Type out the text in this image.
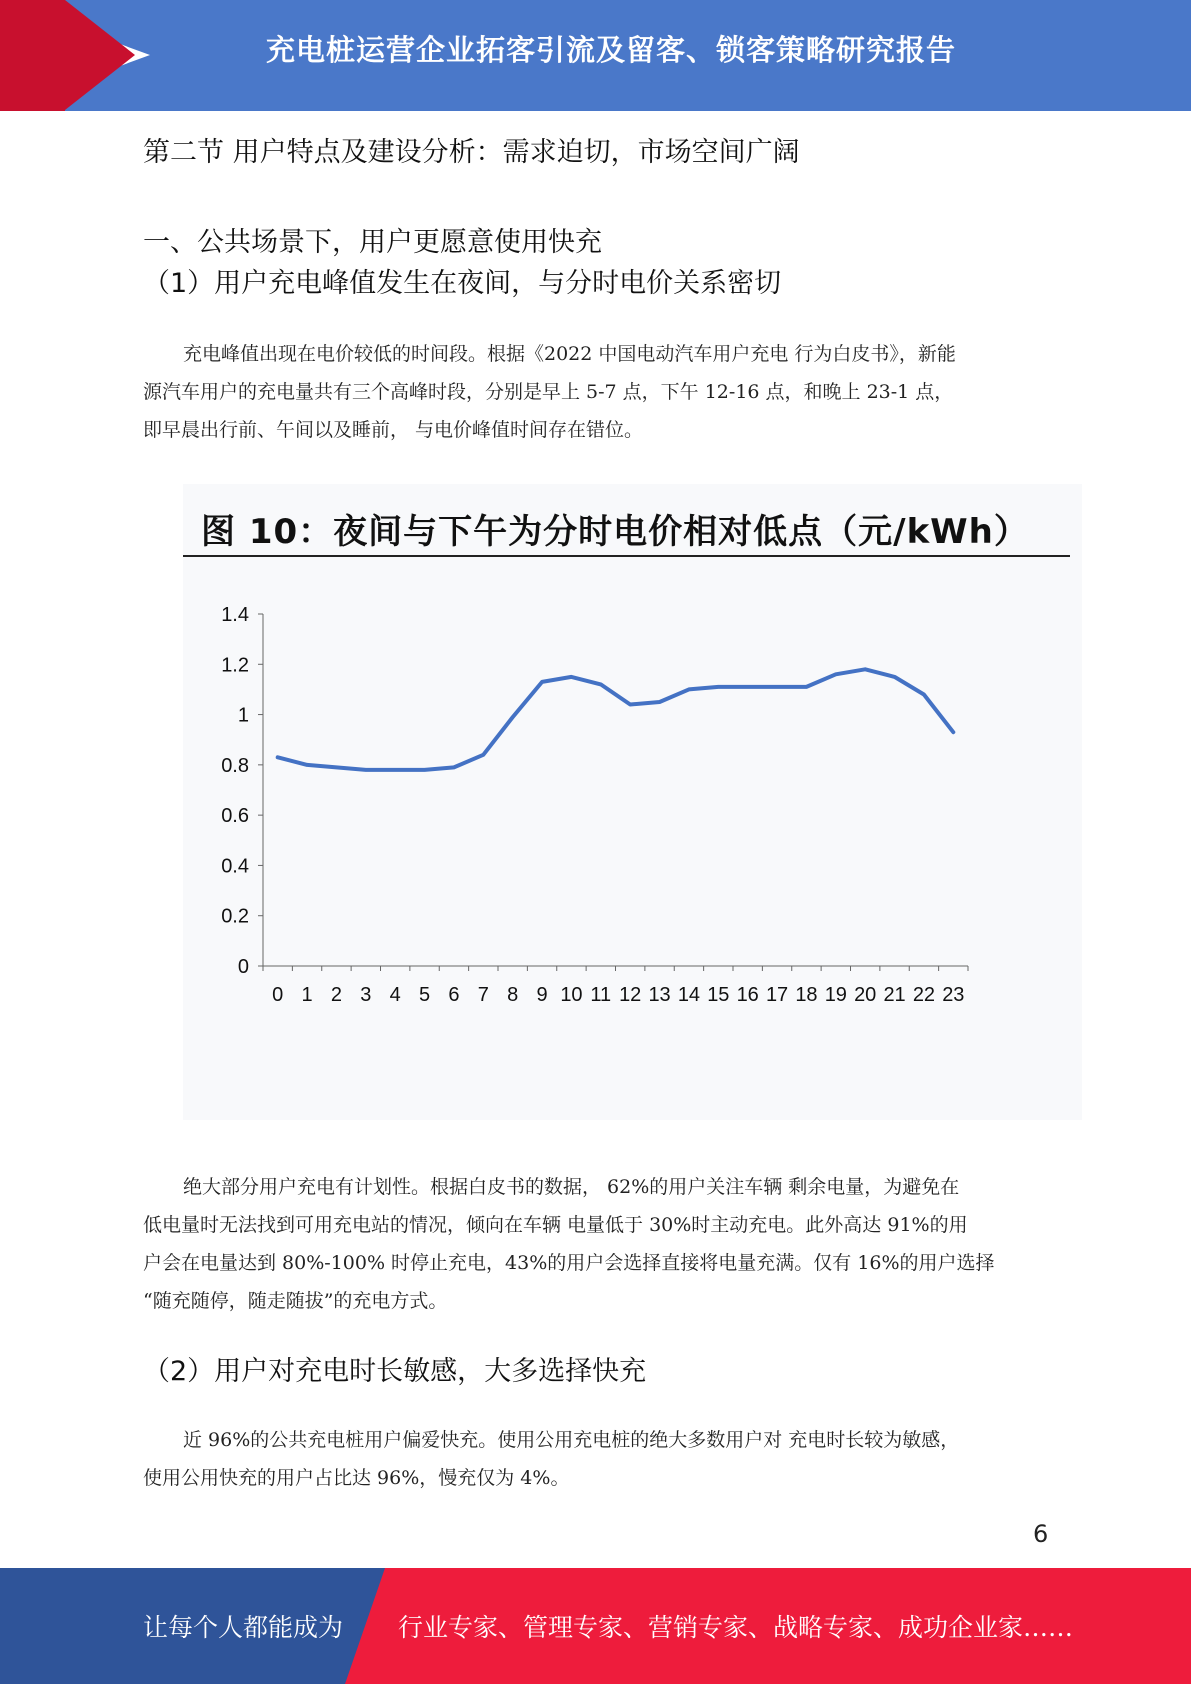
充电桩运营企业拓客引流及留客、锁客策略研究报告
第二节 用户特点及建设分析：需求迫切，市场空间广阔
一、公共场景下，用户更愿意使用快充
（1）用户充电峰值发生在夜间，与分时电价关系密切
充电峰值出现在电价较低的时间段。根据《2022 中国电动汽车用户充电 行为白皮书》，新能
源汽车用户的充电量共有三个高峰时段，分别是早上 5-7 点，下午 12-16 点，和晚上 23-1 点，
即早晨出行前、午间以及睡前， 与电价峰值时间存在错位。
图 10：夜间与下午为分时电价相对低点（元/kWh）
0
0.2
0.4
0.6
0.8
1
1.2
1.4
0 1 2 3 4 5 6 7 8 9 10 11 12 13 14 15 16 17 18 19 20 21 22 23
绝大部分用户充电有计划性。根据白皮书的数据， 62%的用户关注车辆 剩余电量，为避免在
低电量时无法找到可用充电站的情况，倾向在车辆 电量低于 30%时主动充电。此外高达 91%的用
户会在电量达到 80%-100% 时停止充电，43%的用户会选择直接将电量充满。仅有 16%的用户选择
“随充随停，随走随拔”的充电方式。
（2）用户对充电时长敏感，大多选择快充
近 96%的公共充电桩用户偏爱快充。使用公用充电桩的绝大多数用户对 充电时长较为敏感，
使用公用快充的用户占比达 96%，慢充仅为 4%。
6
让每个人都能成为 行业专家、管理专家、营销专家、战略专家、成功企业家……
